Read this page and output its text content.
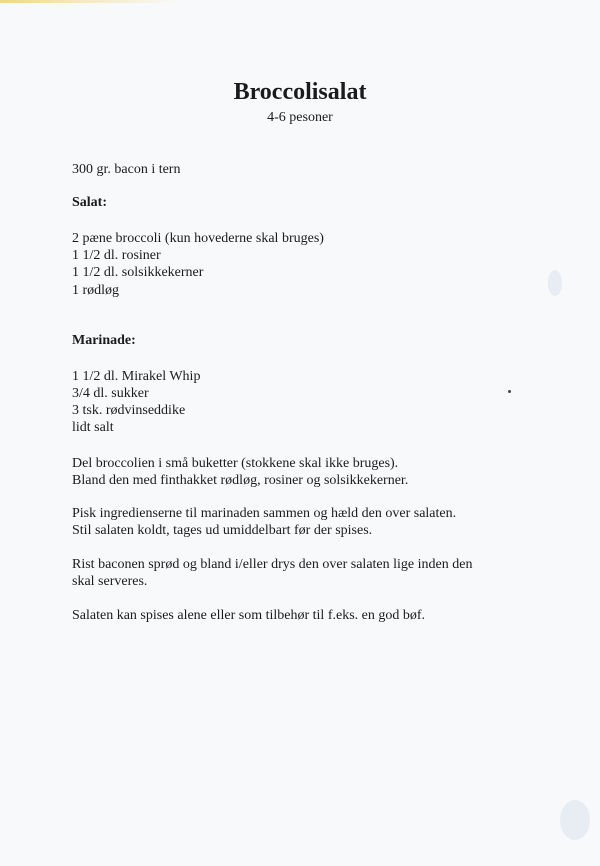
Broccolisalat
4-6 pesoner
300 gr. bacon i tern
Salat:
2 pæne broccoli (kun hovederne skal bruges)
1 1/2 dl. rosiner
1 1/2 dl. solsikkekerner
1 rødløg
Marinade:
1 1/2 dl. Mirakel Whip
3/4 dl. sukker
3 tsk. rødvinseddike
lidt salt
Del broccolien i små buketter (stokkene skal ikke bruges).
Bland den med finthakket rødløg, rosiner og solsikkekerner.
Pisk ingredienserne til marinaden sammen og hæld den over salaten.
Stil salaten koldt, tages ud umiddelbart før der spises.
Rist baconen sprød og bland i/eller drys den over salaten lige inden den
skal serveres.
Salaten kan spises alene eller som tilbehør til f.eks. en god bøf.
